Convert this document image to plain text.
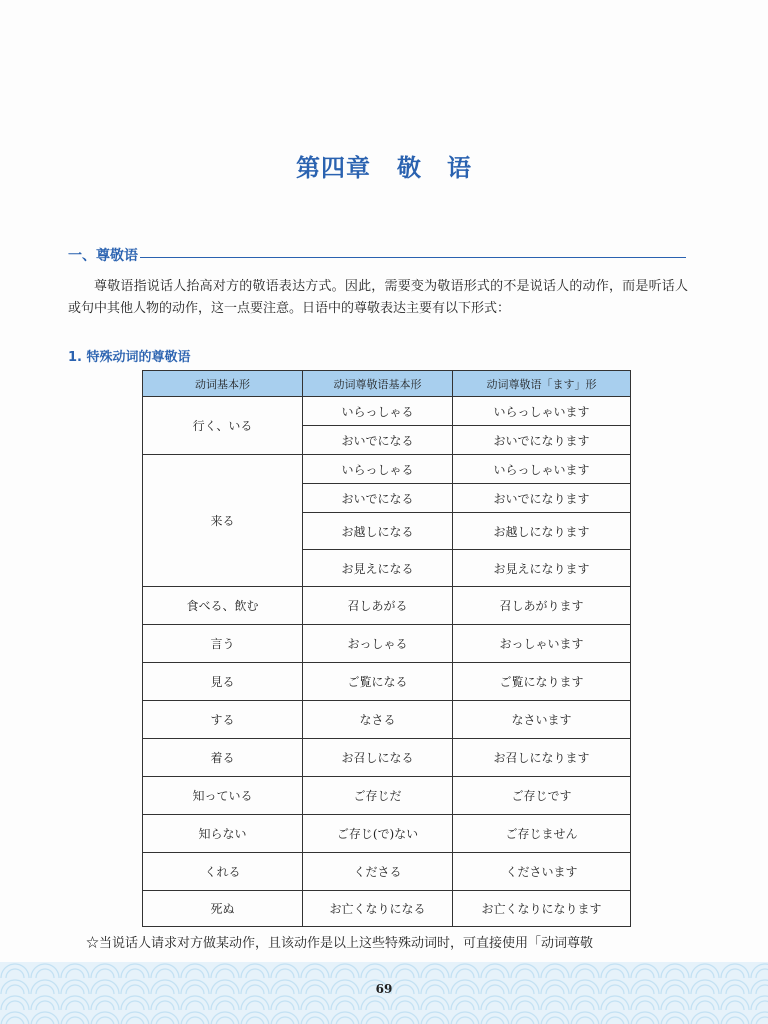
第四章 敬　语
一、尊敬语
尊敬语指说话人抬高对方的敬语表达方式。因此，需要变为敬语形式的不是说话人的动作，而是听话人或句中其他人物的动作，这一点要注意。日语中的尊敬表达主要有以下形式：
1. 特殊动词的尊敬语
动词基本形	动词尊敬语基本形	动词尊敬语「ます」形
行く、いる	いらっしゃる	いらっしゃいます
	おいでになる	おいでになります
来る	いらっしゃる	いらっしゃいます
	おいでになる	おいでになります
	お越しになる	お越しになります
	お見えになる	お見えになります
食べる、飲む	召しあがる	召しあがります
言う	おっしゃる	おっしゃいます
見る	ご覧になる	ご覧になります
する	なさる	なさいます
着る	お召しになる	お召しになります
知っている	ご存じだ	ご存じです
知らない	ご存じ(で)ない	ご存じません
くれる	くださる	くださいます
死ぬ	お亡くなりになる	お亡くなりになります
☆当说话人请求对方做某动作，且该动作是以上这些特殊动词时，可直接使用「动词尊敬
69
